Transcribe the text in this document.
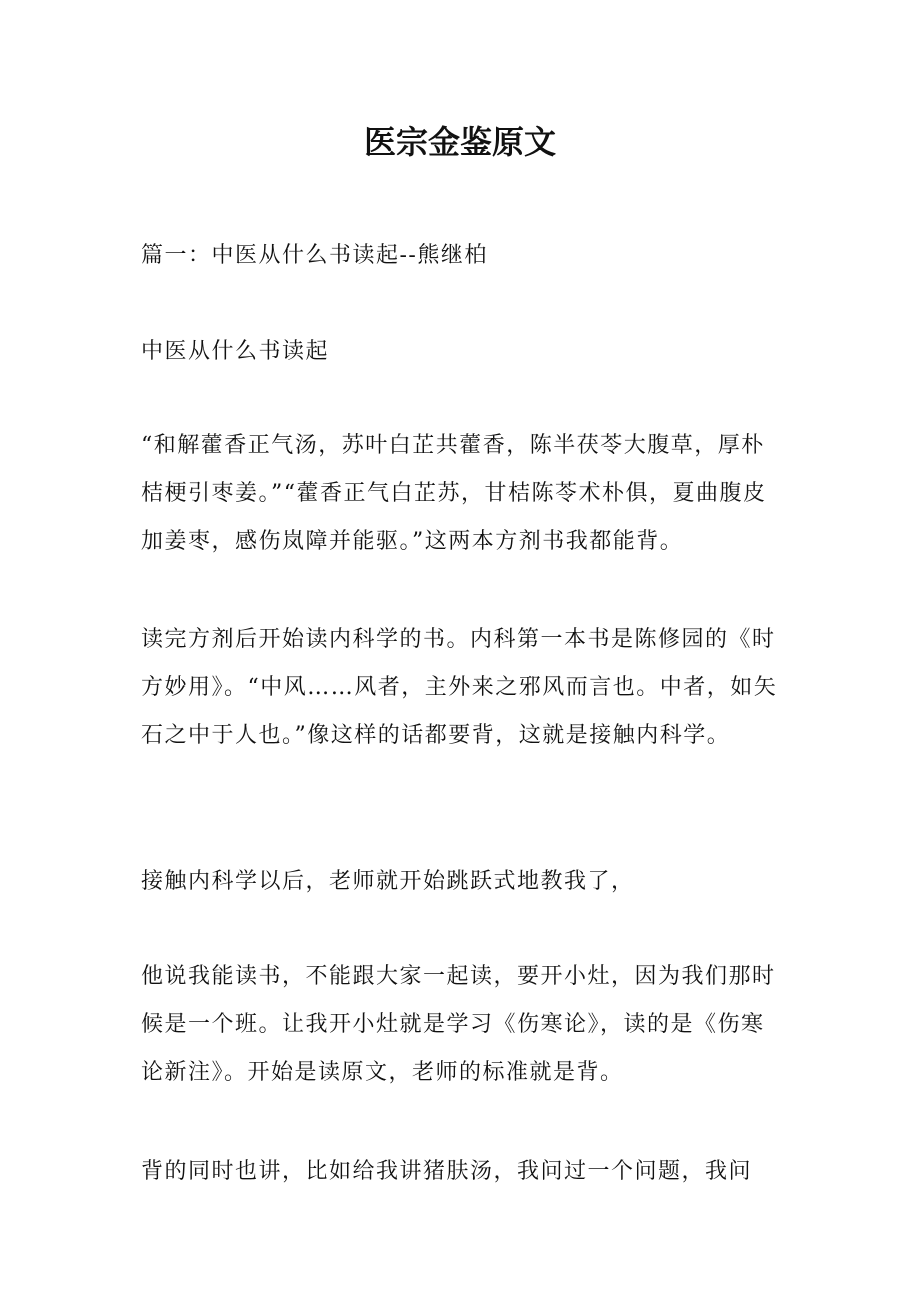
医宗金鉴原文

篇一：中医从什么书读起--熊继柏

中医从什么书读起

“和解藿香正气汤，苏叶白芷共藿香，陈半茯苓大腹草，厚朴桔梗引枣姜。”“藿香正气白芷苏，甘桔陈苓术朴俱，夏曲腹皮加姜枣，感伤岚障并能驱。”这两本方剂书我都能背。

读完方剂后开始读内科学的书。内科第一本书是陈修园的《时方妙用》。“中风……风者，主外来之邪风而言也。中者，如矢石之中于人也。”像这样的话都要背，这就是接触内科学。

接触内科学以后，老师就开始跳跃式地教我了，

他说我能读书，不能跟大家一起读，要开小灶，因为我们那时候是一个班。让我开小灶就是学习《伤寒论》，读的是《伤寒论新注》。开始是读原文，老师的标准就是背。

背的同时也讲，比如给我讲猪肤汤，我问过一个问题，我问
